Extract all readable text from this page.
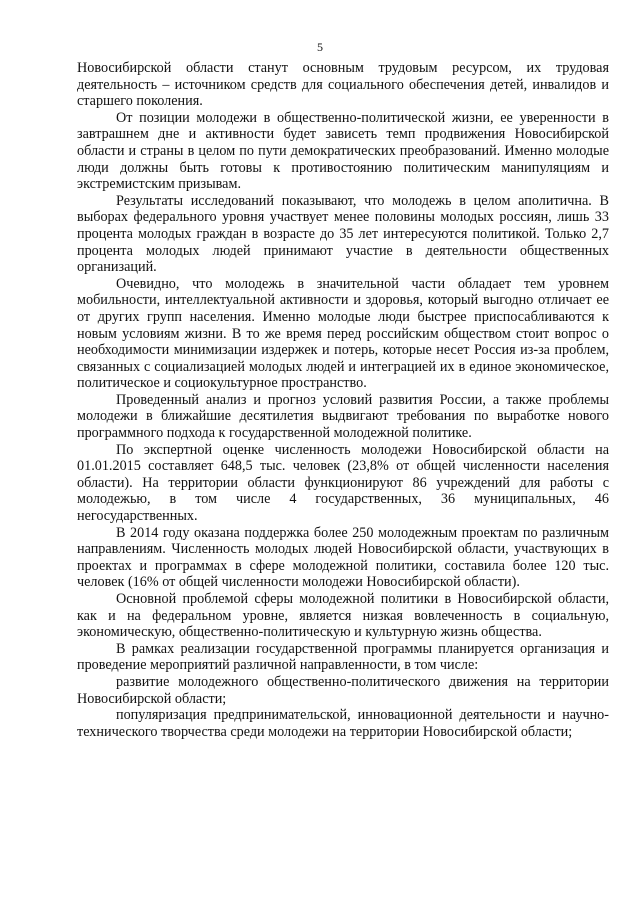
5

Новосибирской области станут основным трудовым ресурсом, их трудовая деятельность – источником средств для социального обеспечения детей, инвалидов и старшего поколения.

От позиции молодежи в общественно-политической жизни, ее уверенности в завтрашнем дне и активности будет зависеть темп продвижения Новосибирской области и страны в целом по пути демократических преобразований. Именно молодые люди должны быть готовы к противостоянию политическим манипуляциям и экстремистским призывам.

Результаты исследований показывают, что молодежь в целом аполитична. В выборах федерального уровня участвует менее половины молодых россиян, лишь 33 процента молодых граждан в возрасте до 35 лет интересуются политикой. Только 2,7 процента молодых людей принимают участие в деятельности общественных организаций.

Очевидно, что молодежь в значительной части обладает тем уровнем мобильности, интеллектуальной активности и здоровья, который выгодно отличает ее от других групп населения. Именно молодые люди быстрее приспосабливаются к новым условиям жизни. В то же время перед российским обществом стоит вопрос о необходимости минимизации издержек и потерь, которые несет Россия из-за проблем, связанных с социализацией молодых людей и интеграцией их в единое экономическое, политическое и социокультурное пространство.

Проведенный анализ и прогноз условий развития России, а также проблемы молодежи в ближайшие десятилетия выдвигают требования по выработке нового программного подхода к государственной молодежной политике.

По экспертной оценке численность молодежи Новосибирской области на 01.01.2015 составляет 648,5 тыс. человек (23,8% от общей численности населения области). На территории области функционируют 86 учреждений для работы с молодежью, в том числе 4 государственных, 36 муниципальных, 46 негосударственных.

В 2014 году оказана поддержка более 250 молодежным проектам по различным направлениям. Численность молодых людей Новосибирской области, участвующих в проектах и программах в сфере молодежной политики, составила более 120 тыс. человек (16% от общей численности молодежи Новосибирской области).

Основной проблемой сферы молодежной политики в Новосибирской области, как и на федеральном уровне, является низкая вовлеченность в социальную, экономическую, общественно-политическую и культурную жизнь общества.

В рамках реализации государственной программы планируется организация и проведение мероприятий различной направленности, в том числе:

развитие молодежного общественно-политического движения на территории Новосибирской области;

популяризация предпринимательской, инновационной деятельности и научно-технического творчества среди молодежи на территории Новосибирской области;
